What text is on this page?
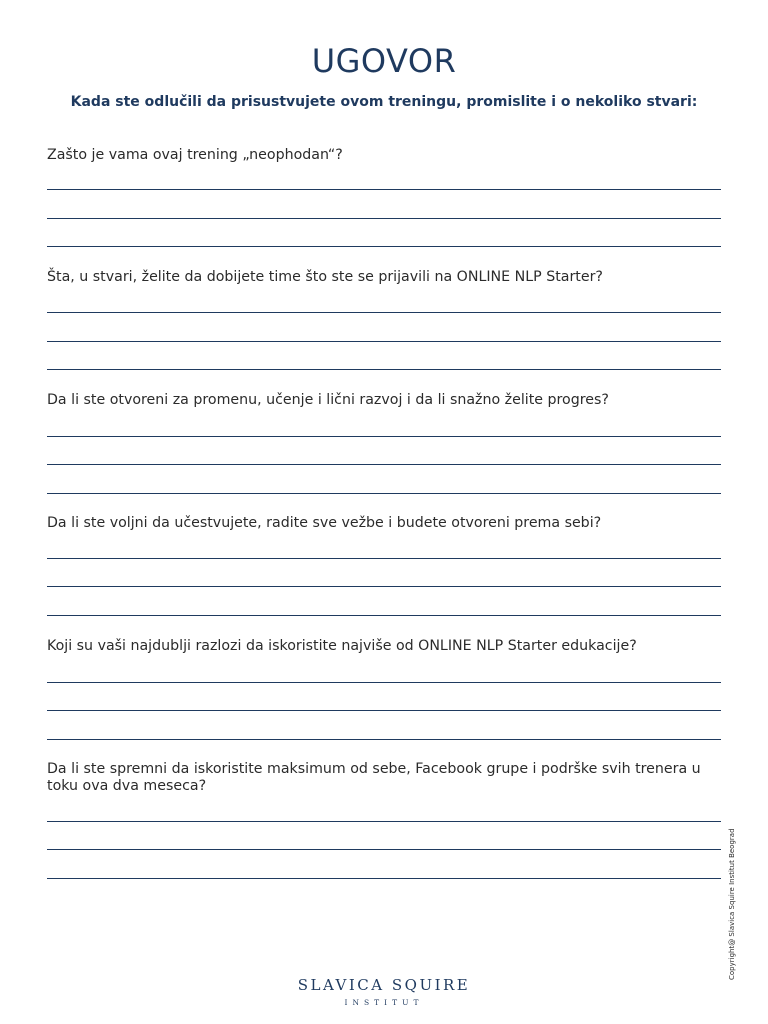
UGOVOR

Kada ste odlučili da prisustvujete ovom treningu, promislite i o nekoliko stvari:

Zašto je vama ovaj trening „neophodan“?
Šta, u stvari, želite da dobijete time što ste se prijavili na ONLINE NLP Starter?
Da li ste otvoreni za promenu, učenje i lični razvoj i da li snažno želite progres?
Da li ste voljni da učestvujete, radite sve vežbe i budete otvoreni prema sebi?
Koji su vaši najdublji razlozi da iskoristite najviše od ONLINE NLP Starter edukacije?
Da li ste spremni da iskoristite maksimum od sebe, Facebook grupe i podrške svih trenera u toku ova dva meseca?
Copyright@ Slavica Squire Institut Beograd
SLAVICA SQUIRE
INSTITUT
